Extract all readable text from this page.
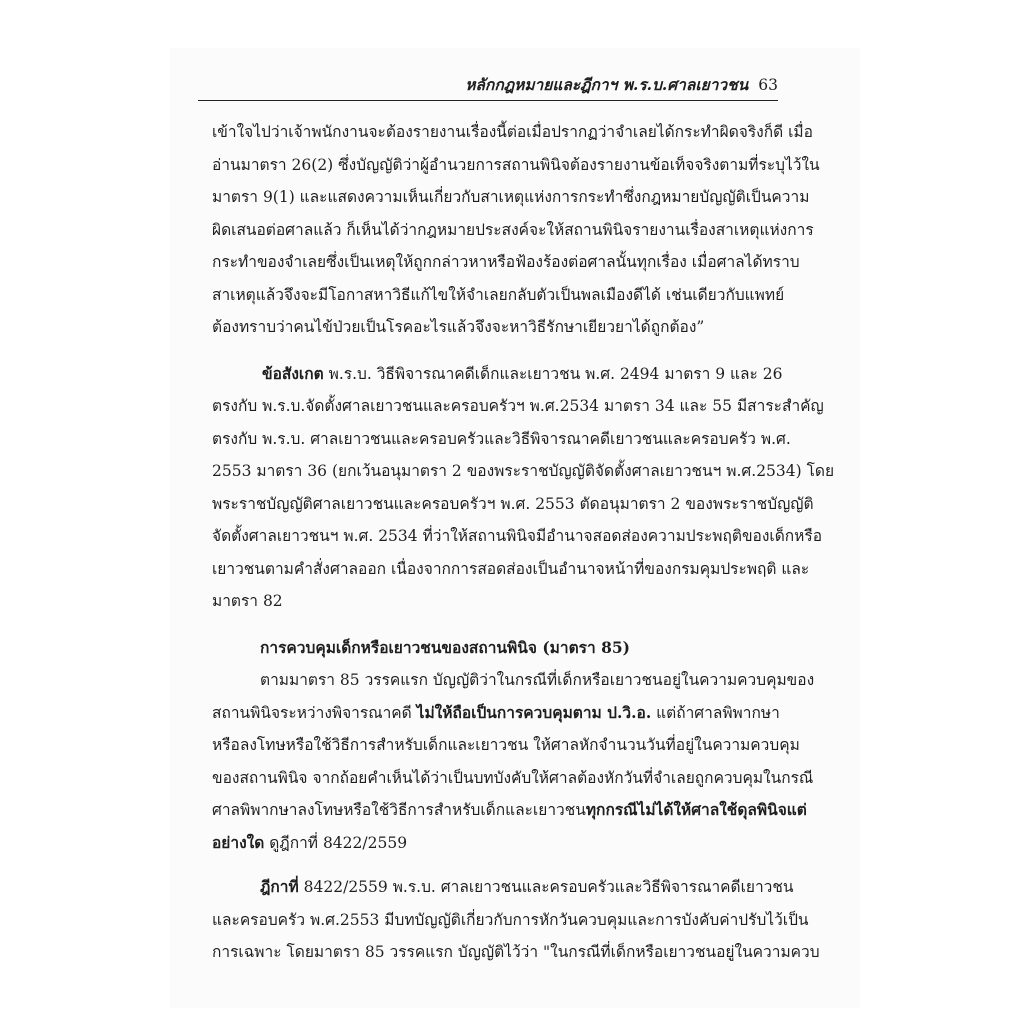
หลักกฎหมายและฎีกาฯ พ.ร.บ.ศาลเยาวชน 63
เข้าใจไปว่าเจ้าพนักงานจะต้องรายงานเรื่องนี้ต่อเมื่อปรากฏว่าจำเลยได้กระทำผิดจริงก็ดี เมื่อ
อ่านมาตรา 26(2) ซึ่งบัญญัติว่าผู้อำนวยการสถานพินิจต้องรายงานข้อเท็จจริงตามที่ระบุไว้ใน
มาตรา 9(1) และแสดงความเห็นเกี่ยวกับสาเหตุแห่งการกระทำซึ่งกฎหมายบัญญัติเป็นความ
ผิดเสนอต่อศาลแล้ว ก็เห็นได้ว่ากฎหมายประสงค์จะให้สถานพินิจรายงานเรื่องสาเหตุแห่งการ
กระทำของจำเลยซึ่งเป็นเหตุให้ถูกกล่าวหาหรือฟ้องร้องต่อศาลนั้นทุกเรื่อง เมื่อศาลได้ทราบ
สาเหตุแล้วจึงจะมีโอกาสหาวิธีแก้ไขให้จำเลยกลับตัวเป็นพลเมืองดีได้ เช่นเดียวกับแพทย์
ต้องทราบว่าคนไข้ป่วยเป็นโรคอะไรแล้วจึงจะหาวิธีรักษาเยียวยาได้ถูกต้อง”
ข้อสังเกต พ.ร.บ. วิธีพิจารณาคดีเด็กและเยาวชน พ.ศ. 2494 มาตรา 9 และ 26
ตรงกับ พ.ร.บ.จัดตั้งศาลเยาวชนและครอบครัวฯ พ.ศ.2534 มาตรา 34 และ 55 มีสาระสำคัญ
ตรงกับ พ.ร.บ. ศาลเยาวชนและครอบครัวและวิธีพิจารณาคดีเยาวชนและครอบครัว พ.ศ.
2553 มาตรา 36 (ยกเว้นอนุมาตรา 2 ของพระราชบัญญัติจัดตั้งศาลเยาวชนฯ พ.ศ.2534) โดย
พระราชบัญญัติศาลเยาวชนและครอบครัวฯ พ.ศ. 2553 ตัดอนุมาตรา 2 ของพระราชบัญญัติ
จัดตั้งศาลเยาวชนฯ พ.ศ. 2534 ที่ว่าให้สถานพินิจมีอำนาจสอดส่องความประพฤติของเด็กหรือ
เยาวชนตามคำสั่งศาลออก เนื่องจากการสอดส่องเป็นอำนาจหน้าที่ของกรมคุมประพฤติ และ
มาตรา 82
การควบคุมเด็กหรือเยาวชนของสถานพินิจ (มาตรา 85)
ตามมาตรา 85 วรรคแรก บัญญัติว่าในกรณีที่เด็กหรือเยาวชนอยู่ในความควบคุมของ
สถานพินิจระหว่างพิจารณาคดี ไม่ให้ถือเป็นการควบคุมตาม ป.วิ.อ. แต่ถ้าศาลพิพากษา
หรือลงโทษหรือใช้วิธีการสำหรับเด็กและเยาวชน ให้ศาลหักจำนวนวันที่อยู่ในความควบคุม
ของสถานพินิจ จากถ้อยคำเห็นได้ว่าเป็นบทบังคับให้ศาลต้องหักวันที่จำเลยถูกควบคุมในกรณี
ศาลพิพากษาลงโทษหรือใช้วิธีการสำหรับเด็กและเยาวชนทุกกรณีไม่ได้ให้ศาลใช้ดุลพินิจแต่
อย่างใด ดูฎีกาที่ 8422/2559
ฎีกาที่ 8422/2559 พ.ร.บ. ศาลเยาวชนและครอบครัวและวิธีพิจารณาคดีเยาวชน
และครอบครัว พ.ศ.2553 มีบทบัญญัติเกี่ยวกับการหักวันควบคุมและการบังคับค่าปรับไว้เป็น
การเฉพาะ โดยมาตรา 85 วรรคแรก บัญญัติไว้ว่า "ในกรณีที่เด็กหรือเยาวชนอยู่ในความควบ
